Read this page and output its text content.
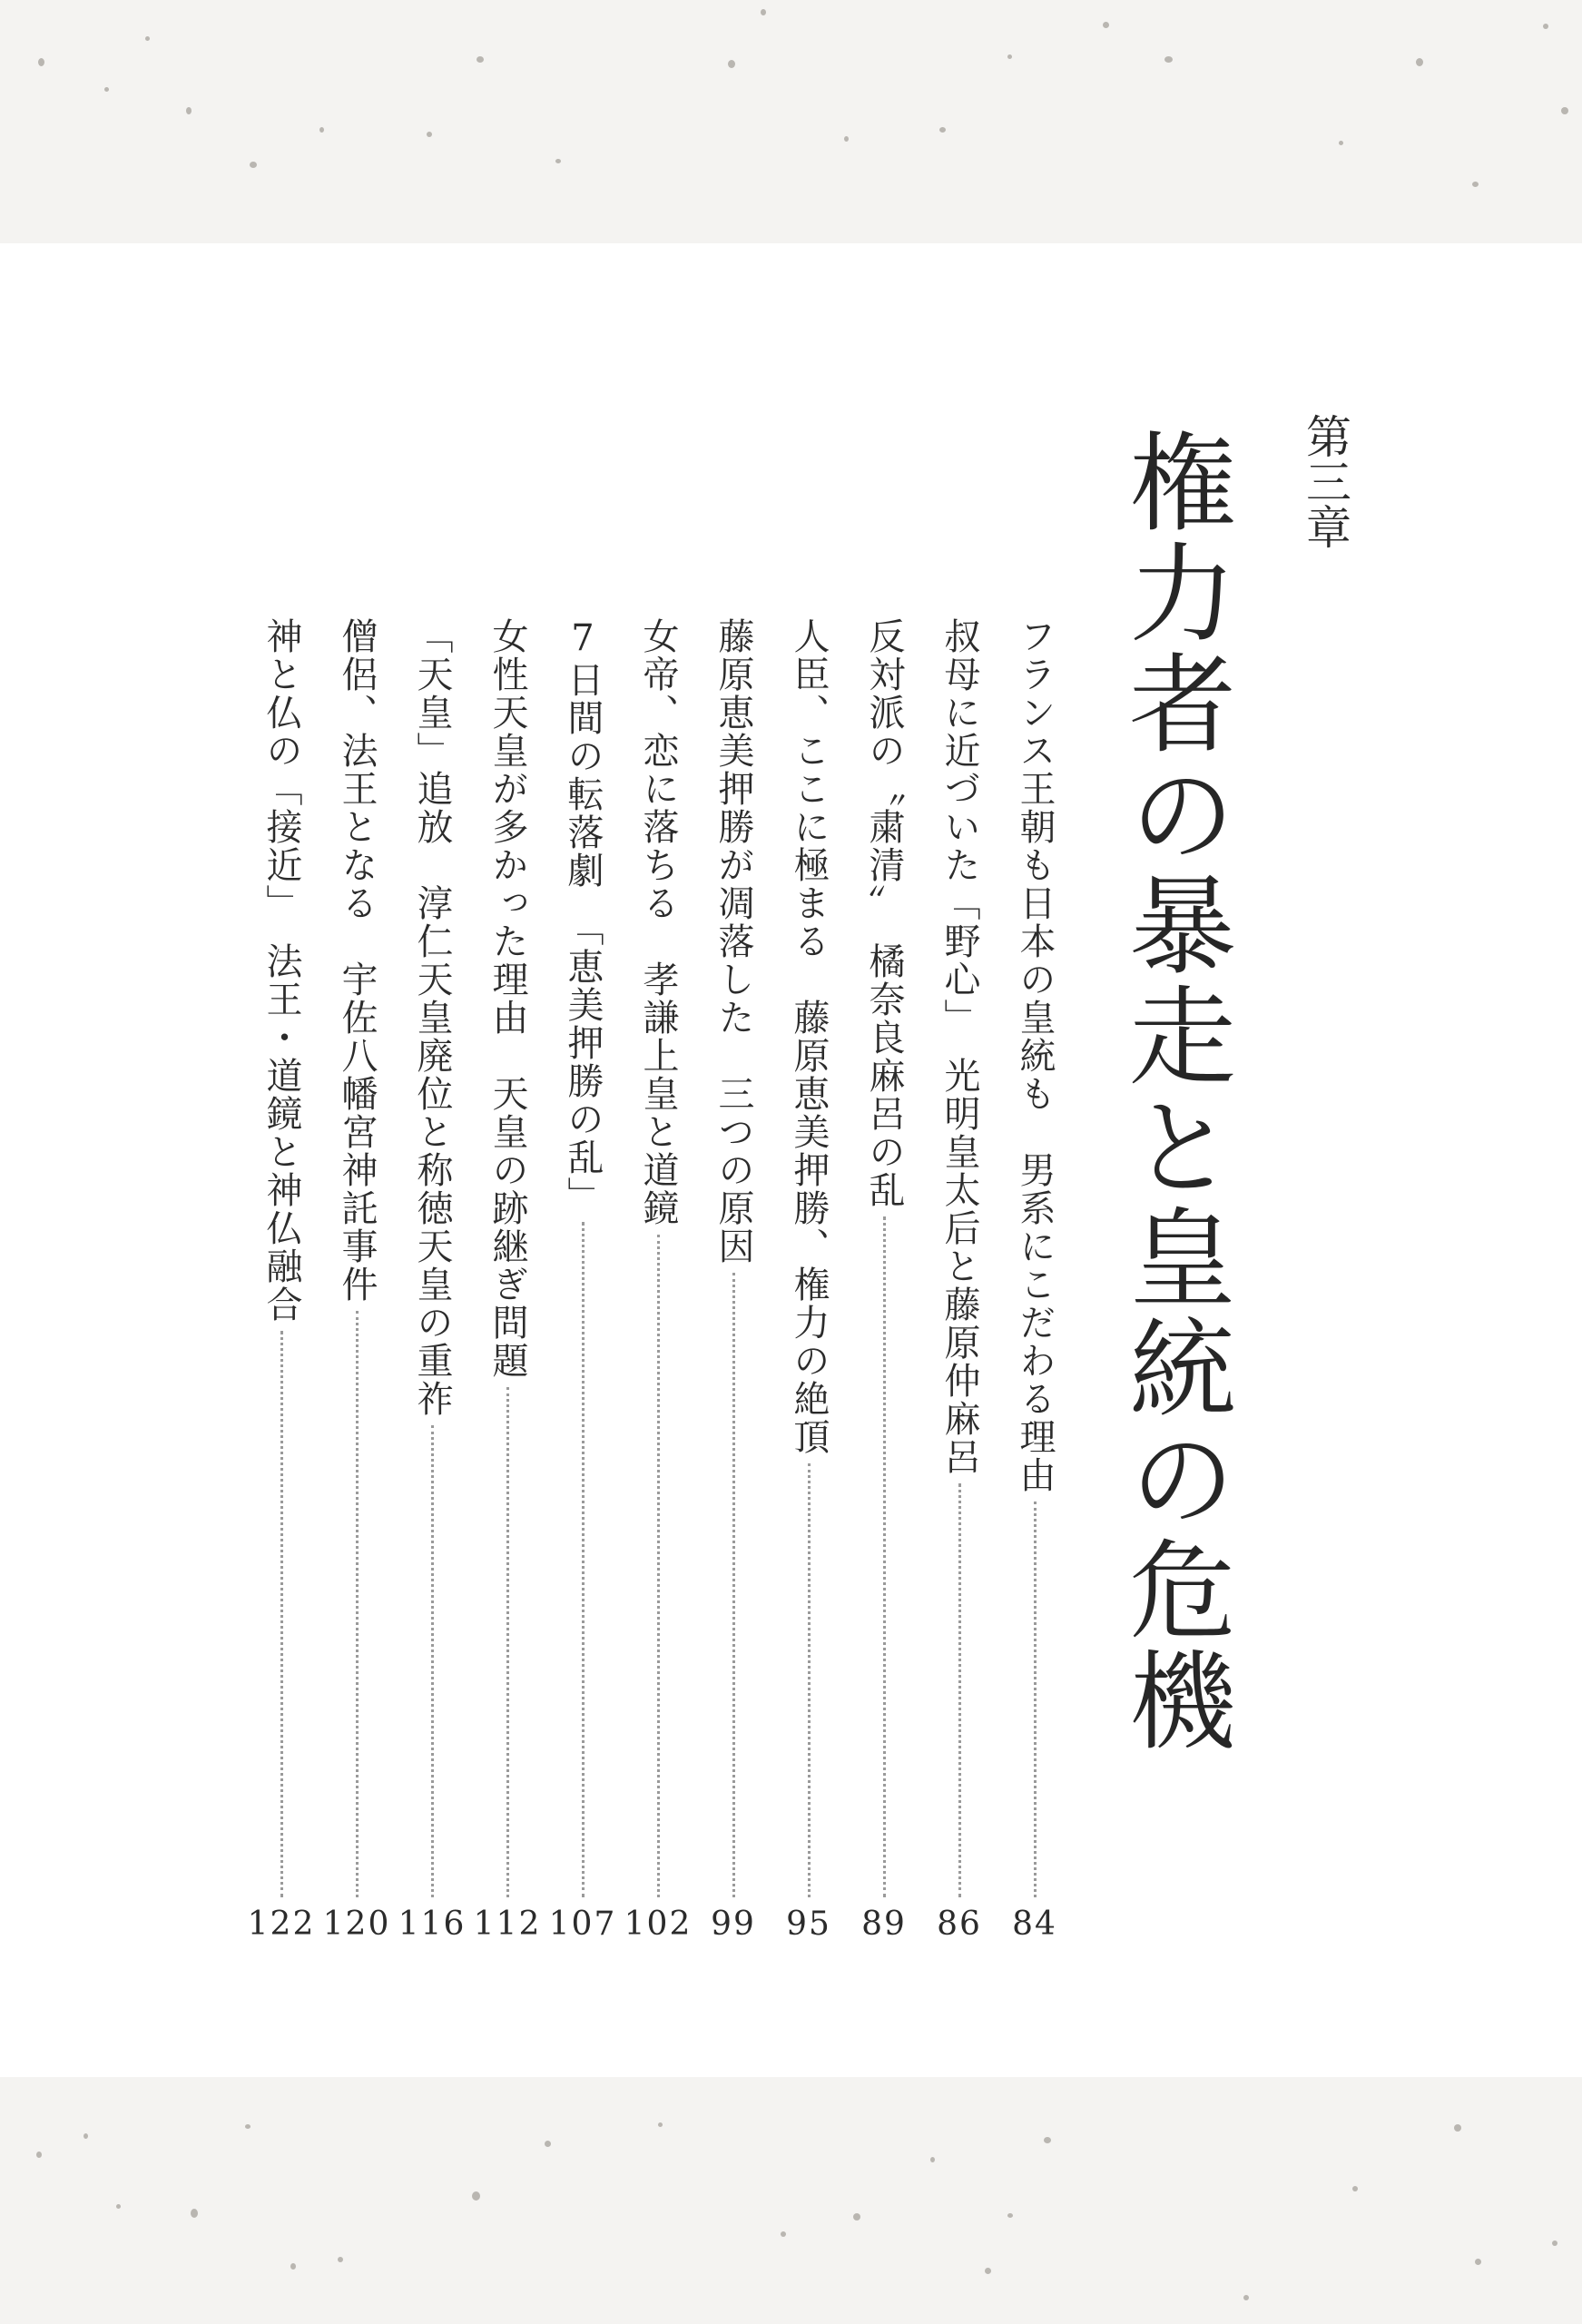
第三章
権力者の暴走と皇統の危機
フランス王朝も日本の皇統も　男系にこだわる理由
84
叔母に近づいた「野心」　光明皇太后と藤原仲麻呂
86
反対派の〝粛清〟　橘奈良麻呂の乱
89
人臣、ここに極まる　藤原恵美押勝、権力の絶頂
95
藤原恵美押勝が凋落した　三つの原因
99
女帝、恋に落ちる　孝謙上皇と道鏡
102
7日間の転落劇　「恵美押勝の乱」
107
女性天皇が多かった理由　天皇の跡継ぎ問題
112
「天皇」追放　淳仁天皇廃位と称徳天皇の重祚
116
僧侶、法王となる　宇佐八幡宮神託事件
120
神と仏の「接近」　法王・道鏡と神仏融合
122
